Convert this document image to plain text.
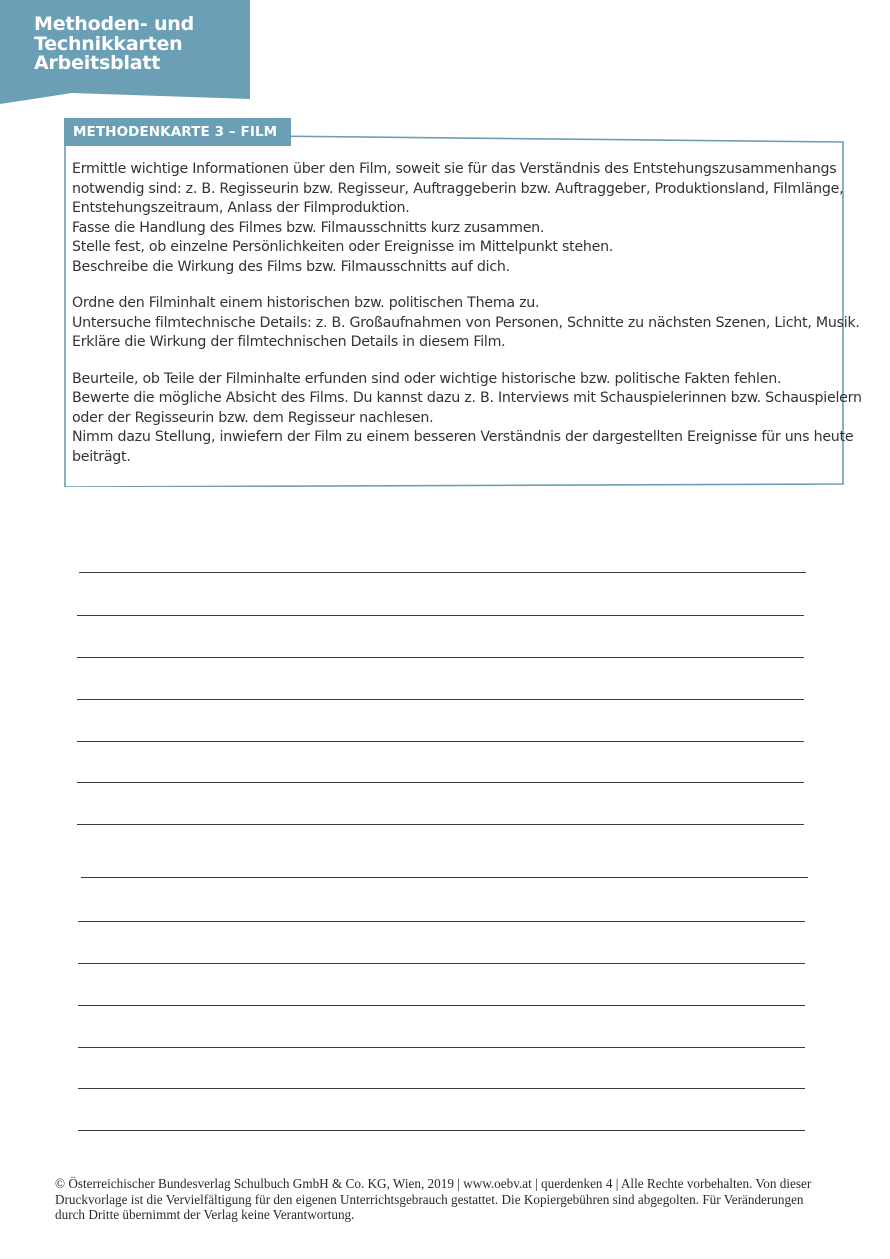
Methoden- und
Technikkarten
Arbeitsblatt
METHODENKARTE 3 – FILM

Ermittle wichtige Informationen über den Film, soweit sie für das Verständnis des Entstehungszusammenhangs
notwendig sind: z. B. Regisseurin bzw. Regisseur, Auftraggeberin bzw. Auftraggeber, Produktionsland, Filmlänge,
Entstehungszeitraum, Anlass der Filmproduktion.
Fasse die Handlung des Filmes bzw. Filmausschnitts kurz zusammen.
Stelle fest, ob einzelne Persönlichkeiten oder Ereignisse im Mittelpunkt stehen.
Beschreibe die Wirkung des Films bzw. Filmausschnitts auf dich.

Ordne den Filminhalt einem historischen bzw. politischen Thema zu.
Untersuche filmtechnische Details: z. B. Großaufnahmen von Personen, Schnitte zu nächsten Szenen, Licht, Musik.
Erkläre die Wirkung der filmtechnischen Details in diesem Film.

Beurteile, ob Teile der Filminhalte erfunden sind oder wichtige historische bzw. politische Fakten fehlen.
Bewerte die mögliche Absicht des Films. Du kannst dazu z. B. Interviews mit Schauspielerinnen bzw. Schauspielern
oder der Regisseurin bzw. dem Regisseur nachlesen.
Nimm dazu Stellung, inwiefern der Film zu einem besseren Verständnis der dargestellten Ereignisse für uns heute
beiträgt.

© Österreichischer Bundesverlag Schulbuch GmbH & Co. KG, Wien, 2019 | www.oebv.at | querdenken 4 | Alle Rechte vorbehalten. Von dieser
Druckvorlage ist die Vervielfältigung für den eigenen Unterrichtsgebrauch gestattet. Die Kopiergebühren sind abgegolten. Für Veränderungen
durch Dritte übernimmt der Verlag keine Verantwortung.
